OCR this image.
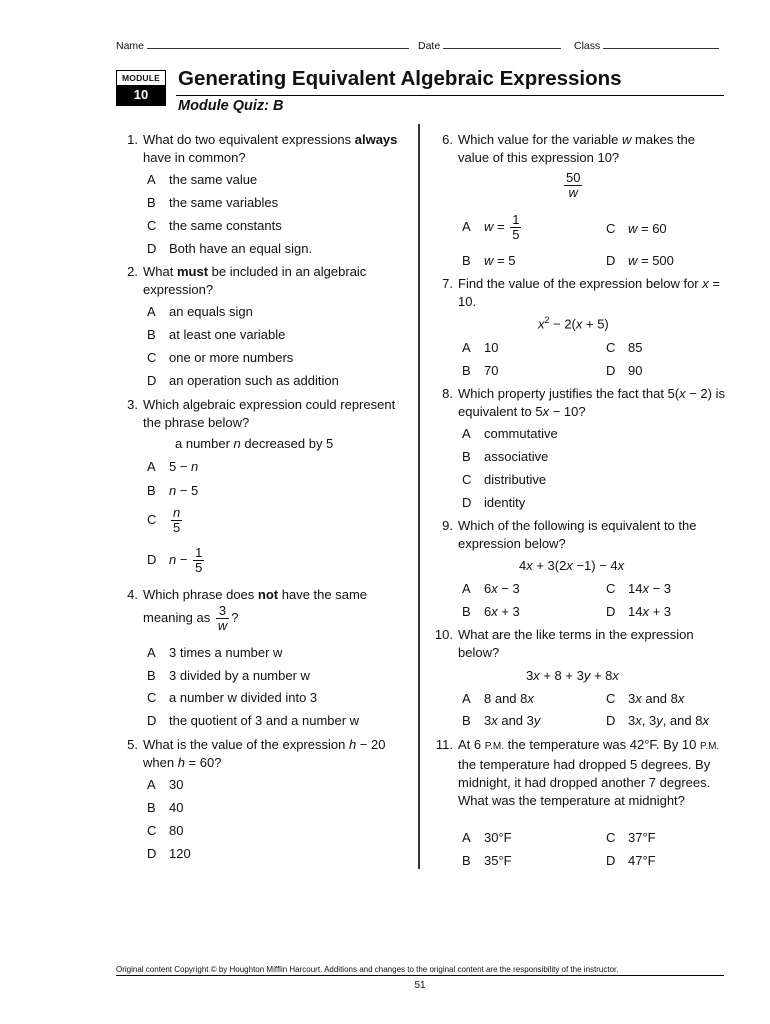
Name	Date	Class
MODULE
10
Generating Equivalent Algebraic Expressions
Module Quiz: B
1. What do two equivalent expressions always have in common?
A the same value
B the same variables
C the same constants
D Both have an equal sign.
2. What must be included in an algebraic expression?
A an equals sign
B at least one variable
C one or more numbers
D an operation such as addition
3. Which algebraic expression could represent the phrase below?
a number n decreased by 5
A 5 − n
B n − 5
C $\frac{n}{5}$
D $n - \frac{1}{5}$
4. Which phrase does not have the same
meaning as $\frac{3}{w}$ ?
A 3 times a number w
B 3 divided by a number w
C a number w divided into 3
D the quotient of 3 and a number w
5. What is the value of the expression h − 20 when h = 60?
A 30
B 40
C 80
D 120
6. Which value for the variable w makes the value of this expression 10?
$\frac{50}{w}$
A $w = \frac{1}{5}$	C w = 60
B w = 5	D w = 500
7. Find the value of the expression below for x = 10.
$x^2 - 2(x + 5)$
A 10	C 85
B 70	D 90
8. Which property justifies the fact that 5(x − 2) is equivalent to 5x − 10?
A commutative
B associative
C distributive
D identity
9. Which of the following is equivalent to the expression below?
4x + 3(2x −1) − 4x
A 6x − 3	C 14x − 3
B 6x + 3	D 14x + 3
10. What are the like terms in the expression below?
3x + 8 + 3y + 8x
A 8 and 8x	C 3x and 8x
B 3x and 3y	D 3x, 3y, and 8x
11. At 6 P.M. the temperature was 42°F. By 10 P.M. the temperature had dropped 5 degrees. By midnight, it had dropped another 7 degrees. What was the temperature at midnight?
A 30°F	C 37°F
B 35°F	D 47°F
Original content Copyright © by Houghton Mifflin Harcourt. Additions and changes to the original content are the responsibility of the instructor.
51
